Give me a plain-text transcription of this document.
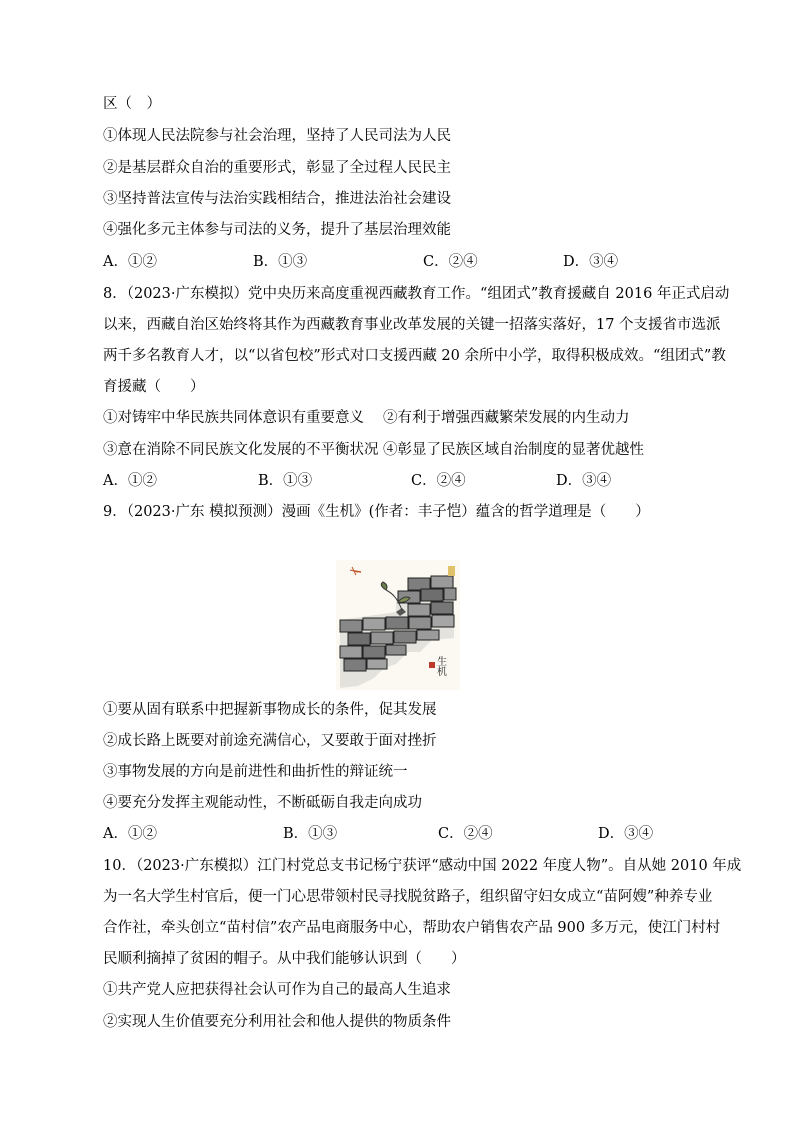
区（　）
①体现人民法院参与社会治理，坚持了人民司法为人民
②是基层群众自治的重要形式，彰显了全过程人民民主
③坚持普法宣传与法治实践相结合，推进法治社会建设
④强化多元主体参与司法的义务，提升了基层治理效能
A．①②	B．①③	C．②④	D．③④
8．（2023·广东模拟）党中央历来高度重视西藏教育工作。“组团式”教育援藏自 2016 年正式启动
以来，西藏自治区始终将其作为西藏教育事业改革发展的关键一招落实落好，17 个支援省市选派
两千多名教育人才，以“以省包校”形式对口支援西藏 20 余所中小学，取得积极成效。“组团式”教
育援藏（　　）
①对铸牢中华民族共同体意识有重要意义 ②有利于增强西藏繁荣发展的内生动力
③意在消除不同民族文化发展的不平衡状况 ④彰显了民族区域自治制度的显著优越性
A．①②	B．①③	C．②④	D．③④
9．（2023·广东 模拟预测）漫画《生机》(作者：丰子恺）蕴含的哲学道理是（　　）
生机
①要从固有联系中把握新事物成长的条件，促其发展
②成长路上既要对前途充满信心，又要敢于面对挫折
③事物发展的方向是前进性和曲折性的辩证统一
④要充分发挥主观能动性，不断砥砺自我走向成功
A．①②	B．①③	C．②④	D．③④
10．（2023·广东模拟）江门村党总支书记杨宁获评“感动中国 2022 年度人物”。自从她 2010 年成
为一名大学生村官后，便一门心思带领村民寻找脱贫路子，组织留守妇女成立“苗阿嫂”种养专业
合作社，牵头创立“苗村信”农产品电商服务中心，帮助农户销售农产品 900 多万元，使江门村村
民顺利摘掉了贫困的帽子。从中我们能够认识到（　　）
①共产党人应把获得社会认可作为自己的最高人生追求
②实现人生价值要充分利用社会和他人提供的物质条件
